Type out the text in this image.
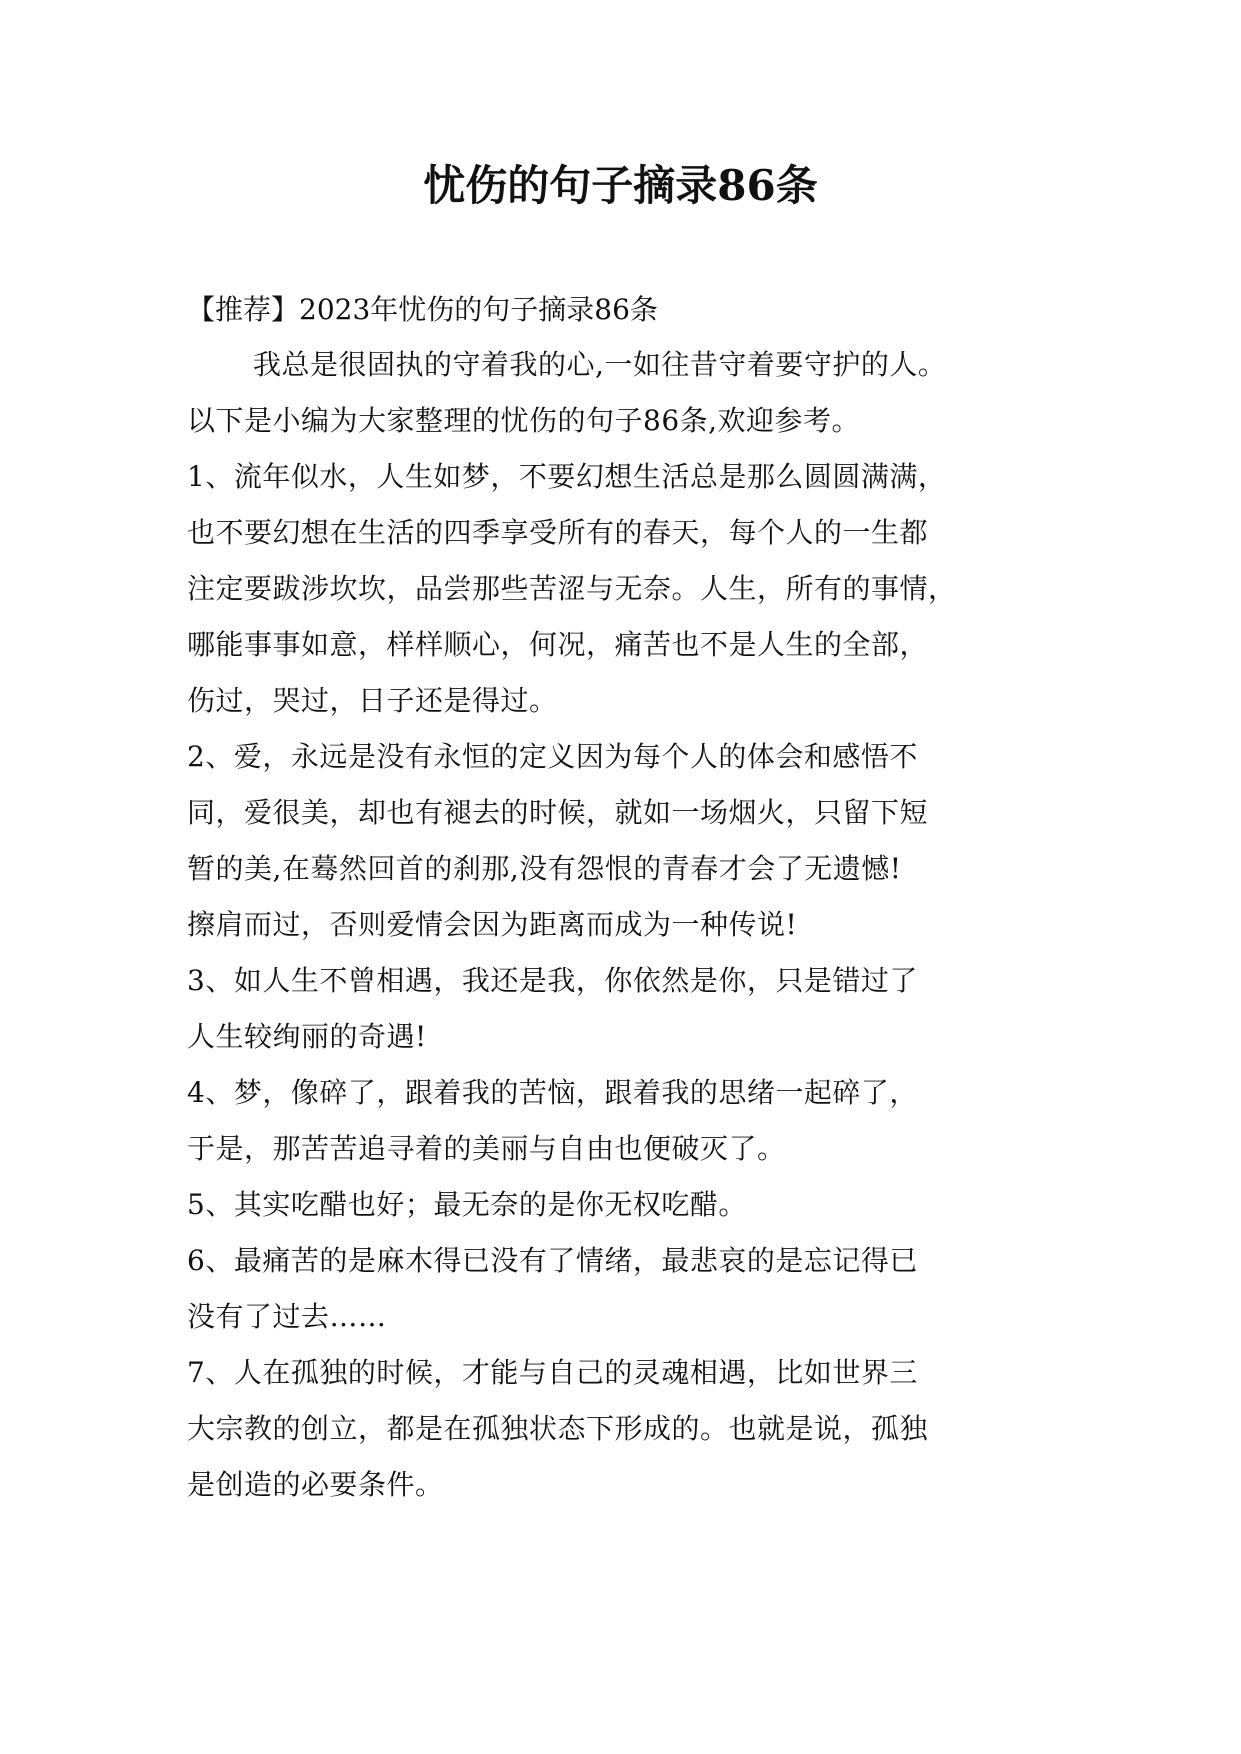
忧伤的句子摘录86条
【推荐】2023年忧伤的句子摘录86条
我总是很固执的守着我的心,一如往昔守着要守护的人。
以下是小编为大家整理的忧伤的句子86条,欢迎参考。
1、流年似水，人生如梦，不要幻想生活总是那么圆圆满满，
也不要幻想在生活的四季享受所有的春天，每个人的一生都
注定要跋涉坎坎，品尝那些苦涩与无奈。人生，所有的事情，
哪能事事如意，样样顺心，何况，痛苦也不是人生的全部，
伤过，哭过，日子还是得过。
2、爱，永远是没有永恒的定义因为每个人的体会和感悟不
同，爱很美，却也有褪去的时候，就如一场烟火，只留下短
暂的美,在蓦然回首的刹那,没有怨恨的青春才会了无遗憾!
擦肩而过，否则爱情会因为距离而成为一种传说!
3、如人生不曾相遇，我还是我，你依然是你，只是错过了
人生较绚丽的奇遇!
4、梦，像碎了，跟着我的苦恼，跟着我的思绪一起碎了，
于是，那苦苦追寻着的美丽与自由也便破灭了。
5、其实吃醋也好；最无奈的是你无权吃醋。
6、最痛苦的是麻木得已没有了情绪，最悲哀的是忘记得已
没有了过去……
7、人在孤独的时候，才能与自己的灵魂相遇，比如世界三
大宗教的创立，都是在孤独状态下形成的。也就是说，孤独
是创造的必要条件。
